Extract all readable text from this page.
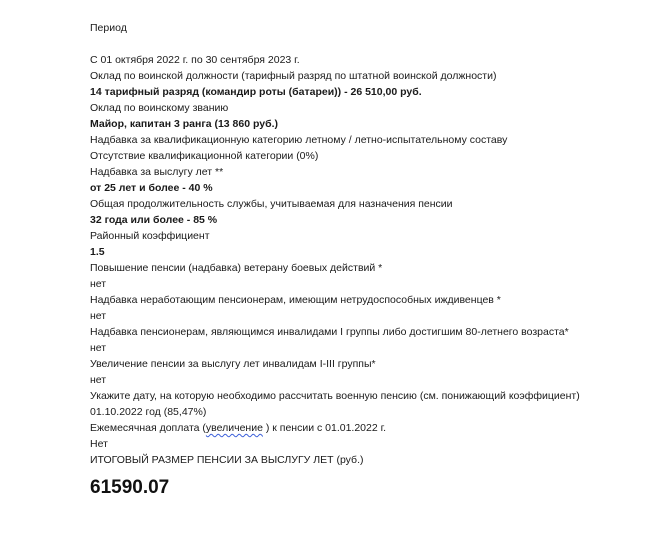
Период
С 01 октября 2022 г. по 30 сентября 2023 г.
Оклад по воинской должности (тарифный разряд по штатной воинской должности)
14 тарифный разряд (командир роты (батареи)) - 26 510,00 руб.
Оклад по воинскому званию
Майор, капитан 3 ранга (13 860 руб.)
Надбавка за квалификационную категорию летному / летно-испытательному составу
Отсутствие квалификационной категории (0%)
Надбавка за выслугу лет **
от 25 лет и более - 40 %
Общая продолжительность службы, учитываемая для назначения пенсии
32 года или более - 85 %
Районный коэффициент
1.5
Повышение пенсии (надбавка) ветерану боевых действий *
нет
Надбавка неработающим пенсионерам, имеющим нетрудоспособных иждивенцев *
нет
Надбавка пенсионерам, являющимся инвалидами I группы либо достигшим 80-летнего возраста*
нет
Увеличение пенсии за выслугу лет инвалидам I-III группы*
нет
Укажите дату, на которую необходимо рассчитать военную пенсию (см. понижающий коэффициент)
01.10.2022 год (85,47%)
Ежемесячная доплата (увеличение ) к пенсии с 01.01.2022 г.
Нет
ИТОГОВЫЙ РАЗМЕР ПЕНСИИ ЗА ВЫСЛУГУ ЛЕТ (руб.)
61590.07
